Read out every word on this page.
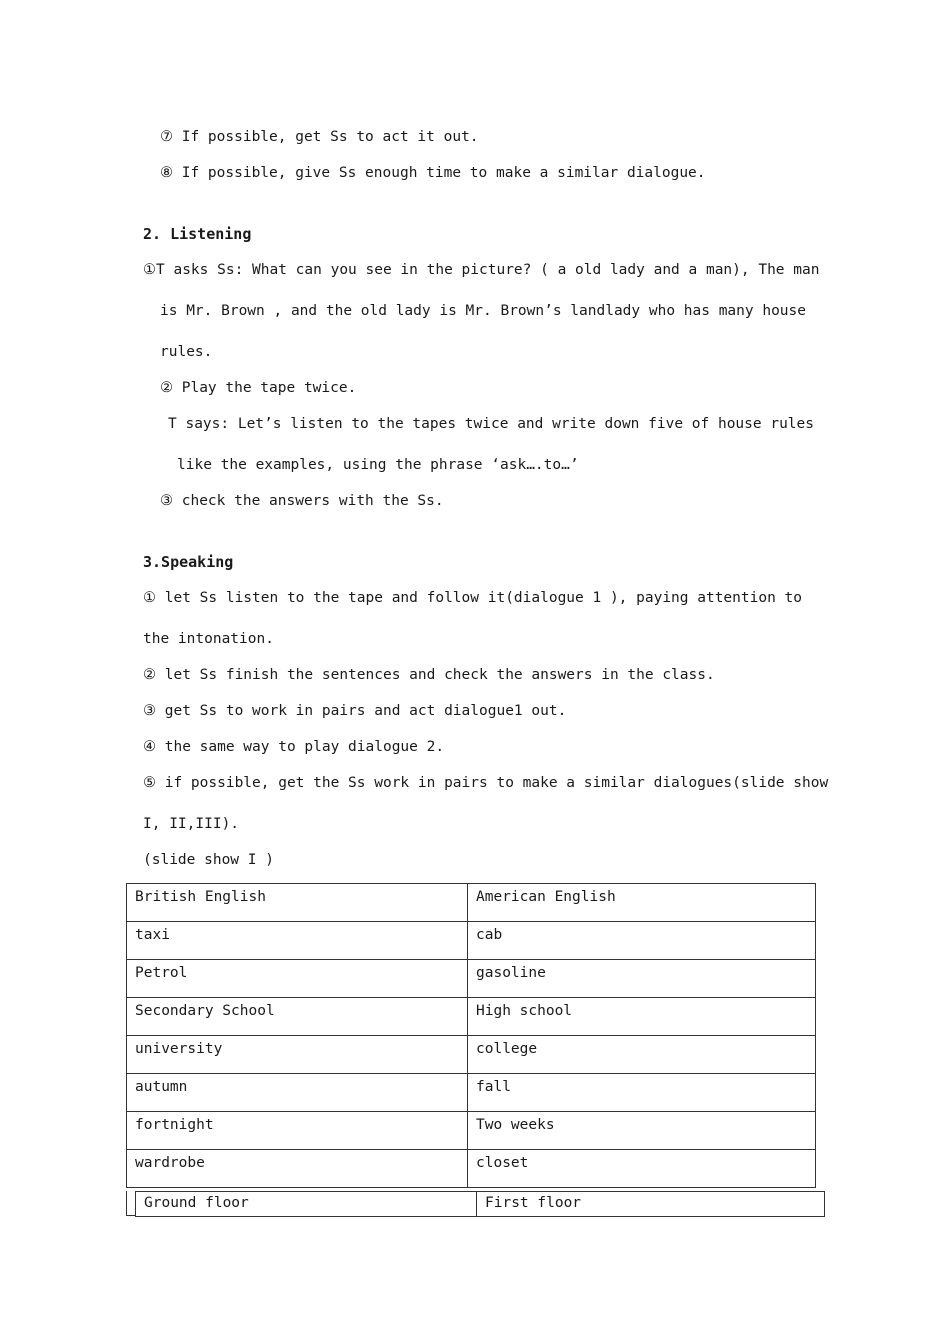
⑦ If possible, get Ss to act it out.
⑧ If possible, give Ss enough time to make a similar dialogue.
2. Listening
①T asks Ss: What can you see in the picture? ( a old lady and a man), The man
is Mr. Brown , and the old lady is Mr. Brown’s landlady who has many house
rules.
② Play the tape twice.
T says: Let’s listen to the tapes twice and write down five of house rules
like the examples, using the phrase ‘ask….to…’
③ check the answers with the Ss.
3.Speaking
① let Ss listen to the tape and follow it(dialogue 1 ), paying attention to
the intonation.
② let Ss finish the sentences and check the answers in the class.
③ get Ss to work in pairs and act dialogue1 out.
④ the same way to play dialogue 2.
⑤ if possible, get the Ss work in pairs to make a similar dialogues(slide show
I, II,III).
(slide show I )
British English	American English
taxi	cab
Petrol	gasoline
Secondary School	High school
university	college
autumn	fall
fortnight	Two weeks
wardrobe	closet
Ground floor	First floor
